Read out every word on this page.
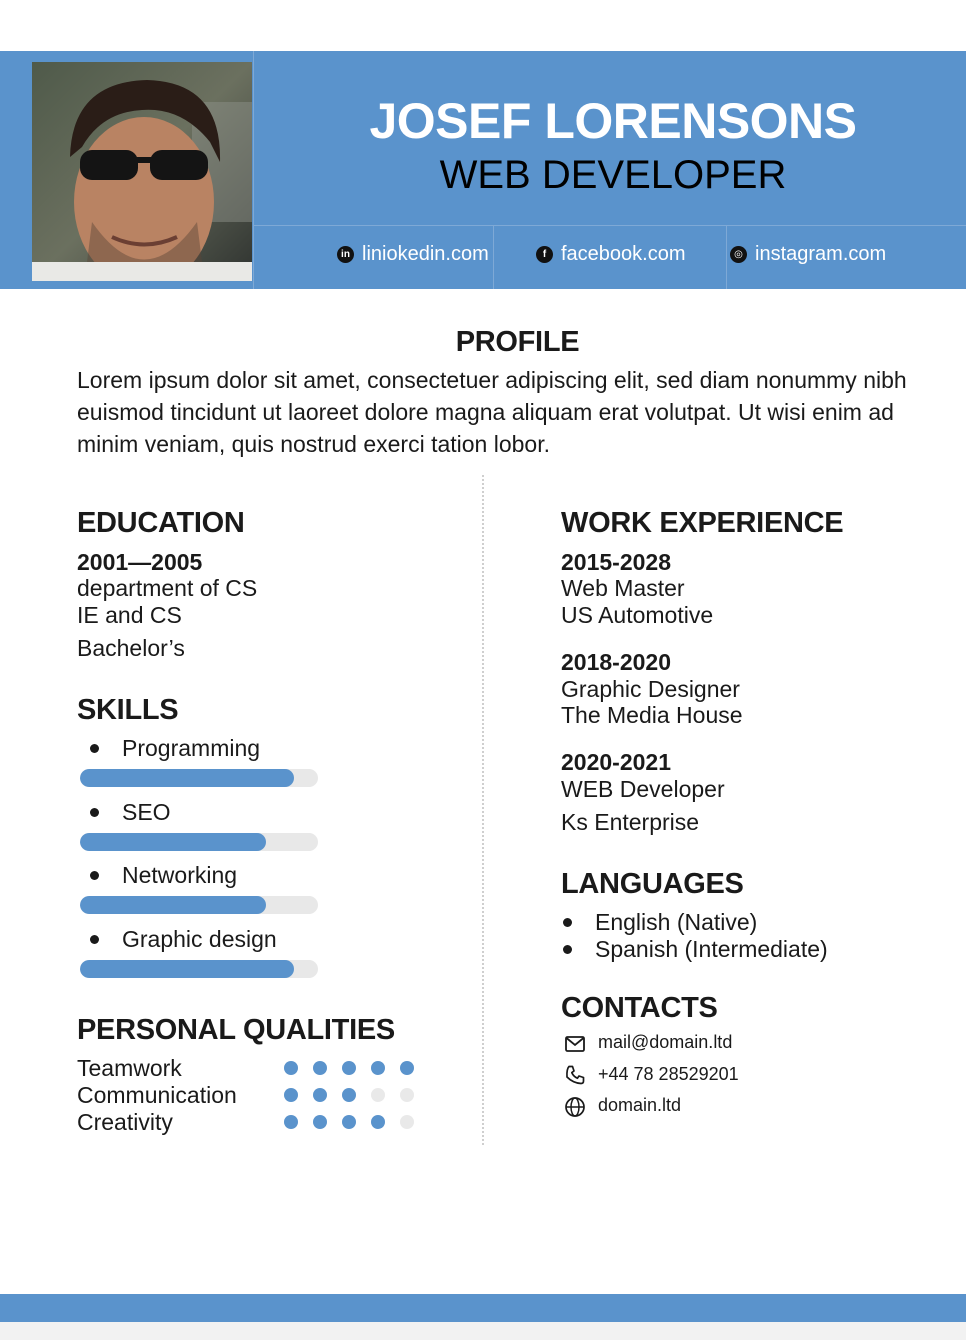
JOSEF LORENSONS
WEB DEVELOPER
in liniokedin.com	f facebook.com	◎ instagram.com
PROFILE
Lorem ipsum dolor sit amet, consectetuer adipiscing elit, sed diam nonummy nibh euismod tincidunt ut laoreet dolore magna aliquam erat volutpat. Ut wisi enim ad minim veniam, quis nostrud exerci tation lobor.
EDUCATION
2001—2005
department of CS
IE and CS
Bachelor’s
SKILLS
Programming
SEO
Networking
Graphic design
PERSONAL QUALITIES
Teamwork
Communication
Creativity
WORK EXPERIENCE
2015-2028
Web Master
US Automotive
2018-2020
Graphic Designer
The Media House
2020-2021
WEB Developer
Ks Enterprise
LANGUAGES
English (Native)
Spanish (Intermediate)
CONTACTS
mail@domain.ltd
+44 78 28529201
domain.ltd
